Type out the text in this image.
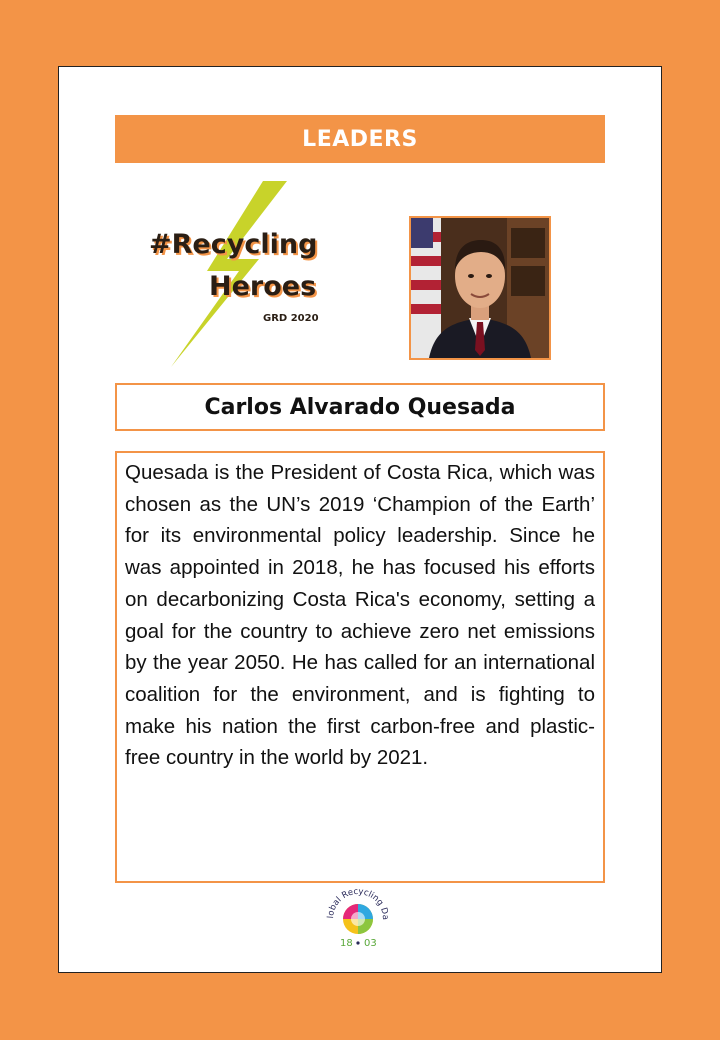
LEADERS
#Recycling
Heroes
GRD 2020
Carlos Alvarado Quesada

Quesada is the President of Costa Rica, which was chosen as the UN’s 2019 ‘Champion of the Earth’ for its environmental policy leadership. Since he was appointed in 2018, he has focused his efforts on decarbonizing Costa Rica's economy, setting a goal for the country to achieve zero net emissions by the year 2050. He has called for an international coalition for the environment, and is fighting to make his nation the first carbon-free and plastic-free country in the world by 2021.

lobal Recycling Da
18 03
